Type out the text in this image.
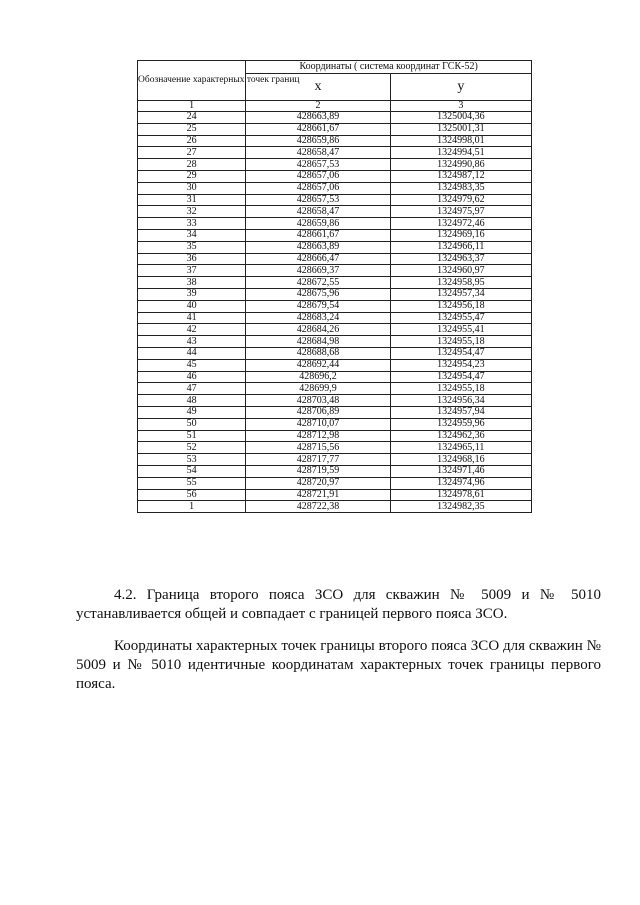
Обозначение характерных точек границ	Координаты ( система координат ГСК-52)	
	x	y
1	2	3
24	428663,89	1325004,36
25	428661,67	1325001,31
26	428659,86	1324998,01
27	428658,47	1324994,51
28	428657,53	1324990,86
29	428657,06	1324987,12
30	428657,06	1324983,35
31	428657,53	1324979,62
32	428658,47	1324975,97
33	428659,86	1324972,46
34	428661,67	1324969,16
35	428663,89	1324966,11
36	428666,47	1324963,37
37	428669,37	1324960,97
38	428672,55	1324958,95
39	428675,96	1324957,34
40	428679,54	1324956,18
41	428683,24	1324955,47
42	428684,26	1324955,41
43	428684,98	1324955,18
44	428688,68	1324954,47
45	428692,44	1324954,23
46	428696,2	1324954,47
47	428699,9	1324955,18
48	428703,48	1324956,34
49	428706,89	1324957,94
50	428710,07	1324959,96
51	428712,98	1324962,36
52	428715,56	1324965,11
53	428717,77	1324968,16
54	428719,59	1324971,46
55	428720,97	1324974,96
56	428721,91	1324978,61
1	428722,38	1324982,35

4.2. Граница второго пояса ЗСО для скважин № 5009 и № 5010 устанавливается общей и совпадает с границей первого пояса ЗСО.

Координаты характерных точек границы второго пояса ЗСО для скважин № 5009 и № 5010 идентичные координатам характерных точек границы первого пояса.
